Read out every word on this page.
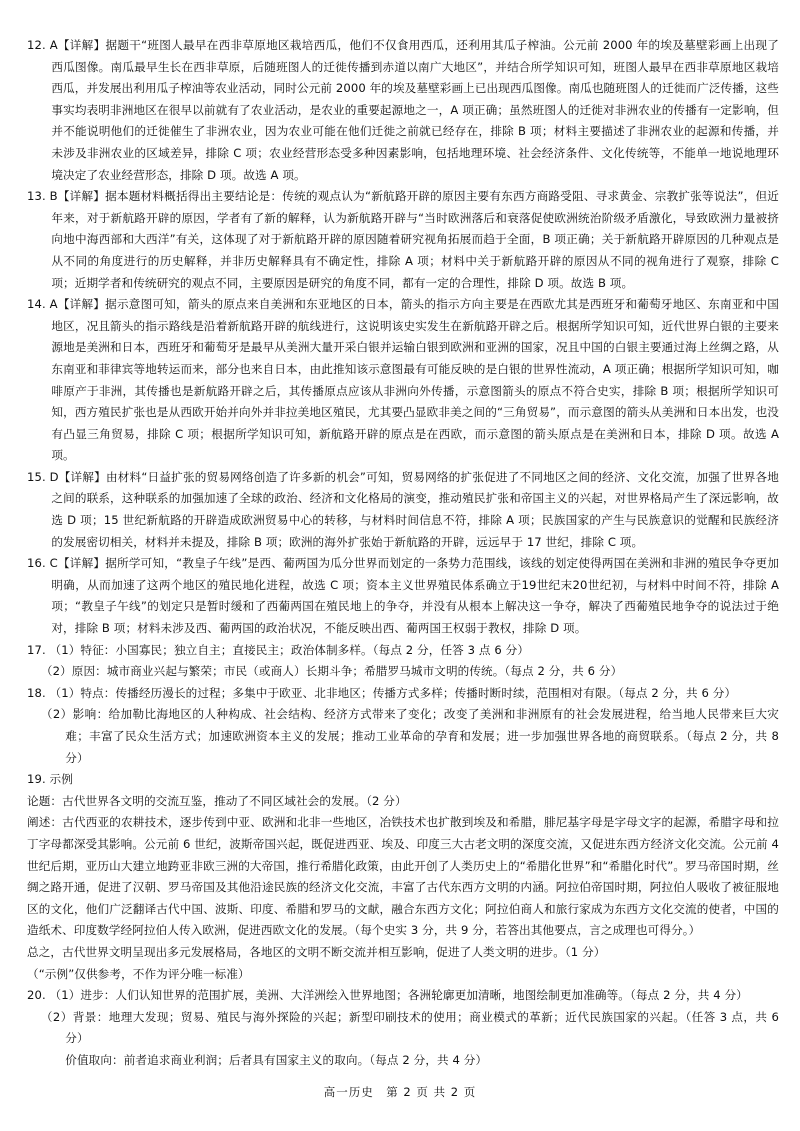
12. A【详解】据题干“班图人最早在西非草原地区栽培西瓜，他们不仅食用西瓜，还利用其瓜子榨油。公元前 2000 年的埃及墓壁彩画上出现了西瓜图像。南瓜最早生长在西非草原，后随班图人的迁徙传播到赤道以南广大地区”，并结合所学知识可知，班图人最早在西非草原地区栽培西瓜，并发展出利用瓜子榨油等农业活动，同时公元前 2000 年的埃及墓壁彩画上已出现西瓜图像。南瓜也随班图人的迁徙而广泛传播，这些事实均表明非洲地区在很早以前就有了农业活动，是农业的重要起源地之一，A 项正确；虽然班图人的迁徙对非洲农业的传播有一定影响，但并不能说明他们的迁徙催生了非洲农业，因为农业可能在他们迁徙之前就已经存在，排除 B 项；材料主要描述了非洲农业的起源和传播，并未涉及非洲农业的区域差异，排除 C 项；农业经营形态受多种因素影响，包括地理环境、社会经济条件、文化传统等，不能单一地说地理环境决定了农业经营形态，排除 D 项。故选 A 项。

13. B【详解】据本题材料概括得出主要结论是：传统的观点认为“新航路开辟的原因主要有东西方商路受阻、寻求黄金、宗教扩张等说法”，但近年来，对于新航路开辟的原因，学者有了新的解释，认为新航路开辟与“当时欧洲落后和衰落促使欧洲统治阶级矛盾激化，导致欧洲力量被挤向地中海西部和大西洋”有关，这体现了对于新航路开辟的原因随着研究视角拓展而趋于全面，B 项正确；关于新航路开辟原因的几种观点是从不同的角度进行的历史解释，并非历史解释具有不确定性，排除 A 项；材料中关于新航路开辟的原因从不同的视角进行了观察，排除 C 项；近期学者和传统研究的观点不同，主要原因是研究的角度不同，都有一定的合理性，排除 D 项。故选 B 项。

14. A【详解】据示意图可知，箭头的原点来自美洲和东亚地区的日本，箭头的指示方向主要是在西欧尤其是西班牙和葡萄牙地区、东南亚和中国地区，况且箭头的指示路线是沿着新航路开辟的航线进行，这说明该史实发生在新航路开辟之后。根据所学知识可知，近代世界白银的主要来源地是美洲和日本，西班牙和葡萄牙是最早从美洲大量开采白银并运输白银到欧洲和亚洲的国家，况且中国的白银主要通过海上丝绸之路，从东南亚和菲律宾等地转运而来，部分也来自日本，由此推知该示意图最有可能反映的是白银的世界性流动，A 项正确；根据所学知识可知，咖啡原产于非洲，其传播也是新航路开辟之后，其传播原点应该从非洲向外传播，示意图箭头的原点不符合史实，排除 B 项；根据所学知识可知，西方殖民扩张也是从西欧开始并向外并非拉美地区殖民，尤其要凸显欧非美之间的“三角贸易”，而示意图的箭头从美洲和日本出发，也没有凸显三角贸易，排除 C 项；根据所学知识可知，新航路开辟的原点是在西欧，而示意图的箭头原点是在美洲和日本，排除 D 项。故选 A 项。

15. D【详解】由材料“日益扩张的贸易网络创造了许多新的机会”可知，贸易网络的扩张促进了不同地区之间的经济、文化交流，加强了世界各地之间的联系，这种联系的加强加速了全球的政治、经济和文化格局的演变，推动殖民扩张和帝国主义的兴起，对世界格局产生了深远影响，故选 D 项；15 世纪新航路的开辟造成欧洲贸易中心的转移，与材料时间信息不符，排除 A 项；民族国家的产生与民族意识的觉醒和民族经济的发展密切相关，材料并未提及，排除 B 项；欧洲的海外扩张始于新航路的开辟，远远早于 17 世纪，排除 C 项。

16. C【详解】据所学可知，“教皇子午线”是西、葡两国为瓜分世界而划定的一条势力范围线，该线的划定使得两国在美洲和非洲的殖民争夺更加明确，从而加速了这两个地区的殖民地化进程，故选 C 项；资本主义世界殖民体系确立于19世纪末20世纪初，与材料中时间不符，排除 A 项；“教皇子午线”的划定只是暂时缓和了西葡两国在殖民地上的争夺，并没有从根本上解决这一争夺，解决了西葡殖民地争夺的说法过于绝对，排除 B 项；材料未涉及西、葡两国的政治状况，不能反映出西、葡两国王权弱于教权，排除 D 项。

17. （1）特征：小国寡民；独立自主；直接民主；政治体制多样。（每点 2 分，任答 3 点 6 分）

（2）原因：城市商业兴起与繁荣；市民（或商人）长期斗争；希腊罗马城市文明的传统。（每点 2 分，共 6 分）

18. （1）特点：传播经历漫长的过程；多集中于欧亚、北非地区；传播方式多样；传播时断时续，范围相对有限。（每点 2 分，共 6 分）

（2）影响：给加勒比海地区的人种构成、社会结构、经济方式带来了变化；改变了美洲和非洲原有的社会发展进程，给当地人民带来巨大灾难；丰富了民众生活方式；加速欧洲资本主义的发展；推动工业革命的孕育和发展；进一步加强世界各地的商贸联系。（每点 2 分，共 8 分）

19. 示例

论题：古代世界各文明的交流互鉴，推动了不同区域社会的发展。（2 分）

阐述：古代西亚的农耕技术，逐步传到中亚、欧洲和北非一些地区，冶铁技术也扩散到埃及和希腊，腓尼基字母是字母文字的起源，希腊字母和拉丁字母都深受其影响。公元前 6 世纪，波斯帝国兴起，既促进西亚、埃及、印度三大古老文明的深度交流，又促进东西方经济文化交流。公元前 4 世纪后期，亚历山大建立地跨亚非欧三洲的大帝国，推行希腊化政策，由此开创了人类历史上的“希腊化世界”和“希腊化时代”。罗马帝国时期，丝绸之路开通，促进了汉朝、罗马帝国及其他沿途民族的经济文化交流，丰富了古代东西方文明的内涵。阿拉伯帝国时期，阿拉伯人吸收了被征服地区的文化，他们广泛翻译古代中国、波斯、印度、希腊和罗马的文献，融合东西方文化；阿拉伯商人和旅行家成为东西方文化交流的使者，中国的造纸术、印度数学经阿拉伯人传入欧洲，促进西欧文化的发展。（每个史实 3 分，共 9 分，若答出其他要点，言之成理也可得分。）

总之，古代世界文明呈现出多元发展格局，各地区的文明不断交流并相互影响，促进了人类文明的进步。（1 分）

（“示例”仅供参考，不作为评分唯一标准）

20. （1）进步：人们认知世界的范围扩展，美洲、大洋洲绘入世界地图；各洲轮廓更加清晰，地图绘制更加准确等。（每点 2 分，共 4 分）

（2）背景：地理大发现；贸易、殖民与海外探险的兴起；新型印刷技术的使用；商业模式的革新；近代民族国家的兴起。（任答 3 点，共 6 分）

价值取向：前者追求商业利润；后者具有国家主义的取向。（每点 2 分，共 4 分）

高一历史　第 2 页 共 2 页
